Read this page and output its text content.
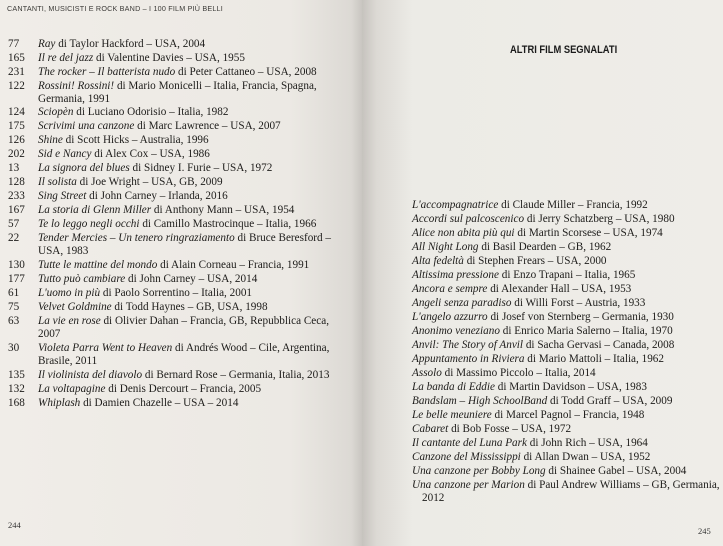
CANTANTI, MUSICISTI E ROCK BAND – I 100 FILM PIÙ BELLI
77	Ray di Taylor Hackford – USA, 2004
165	Il re del jazz di Valentine Davies – USA, 1955
231	The rocker – Il batterista nudo di Peter Cattaneo – USA, 2008
122	Rossini! Rossini! di Mario Monicelli – Italia, Francia, Spagna, Germania, 1991
124	Sciopèn di Luciano Odorisio – Italia, 1982
175	Scrivimi una canzone di Marc Lawrence – USA, 2007
126	Shine di Scott Hicks – Australia, 1996
202	Sid e Nancy di Alex Cox – USA, 1986
13	La signora del blues di Sidney I. Furie – USA, 1972
128	Il solista di Joe Wright – USA, GB, 2009
233	Sing Street di John Carney – Irlanda, 2016
167	La storia di Glenn Miller di Anthony Mann – USA, 1954
57	Te lo leggo negli occhi di Camillo Mastrocinque – Italia, 1966
22	Tender Mercies – Un tenero ringraziamento di Bruce Beresford – USA, 1983
130	Tutte le mattine del mondo di Alain Corneau – Francia, 1991
177	Tutto può cambiare di John Carney – USA, 2014
61	L'uomo in più di Paolo Sorrentino – Italia, 2001
75	Velvet Goldmine di Todd Haynes – GB, USA, 1998
63	La vie en rose di Olivier Dahan – Francia, GB, Repubblica Ceca, 2007
30	Violeta Parra Went to Heaven di Andrés Wood – Cile, Argentina, Brasile, 2011
135	Il violinista del diavolo di Bernard Rose – Germania, Italia, 2013
132	La voltapagine di Denis Dercourt – Francia, 2005
168	Whiplash di Damien Chazelle – USA – 2014
244
ALTRI FILM SEGNALATI
L'accompagnatrice di Claude Miller – Francia, 1992
Accordi sul palcoscenico di Jerry Schatzberg – USA, 1980
Alice non abita più qui di Martin Scorsese – USA, 1974
All Night Long di Basil Dearden – GB, 1962
Alta fedeltà di Stephen Frears – USA, 2000
Altissima pressione di Enzo Trapani – Italia, 1965
Ancora e sempre di Alexander Hall – USA, 1953
Angeli senza paradiso di Willi Forst – Austria, 1933
L'angelo azzurro di Josef von Sternberg – Germania, 1930
Anonimo veneziano di Enrico Maria Salerno – Italia, 1970
Anvil: The Story of Anvil di Sacha Gervasi – Canada, 2008
Appuntamento in Riviera di Mario Mattoli – Italia, 1962
Assolo di Massimo Piccolo – Italia, 2014
La banda di Eddie di Martin Davidson – USA, 1983
Bandslam – High SchoolBand di Todd Graff – USA, 2009
Le belle meuniere di Marcel Pagnol – Francia, 1948
Cabaret di Bob Fosse – USA, 1972
Il cantante del Luna Park di John Rich – USA, 1964
Canzone del Mississippi di Allan Dwan – USA, 1952
Una canzone per Bobby Long di Shainee Gabel – USA, 2004
Una canzone per Marion di Paul Andrew Williams – GB, Germania, 2012
245
